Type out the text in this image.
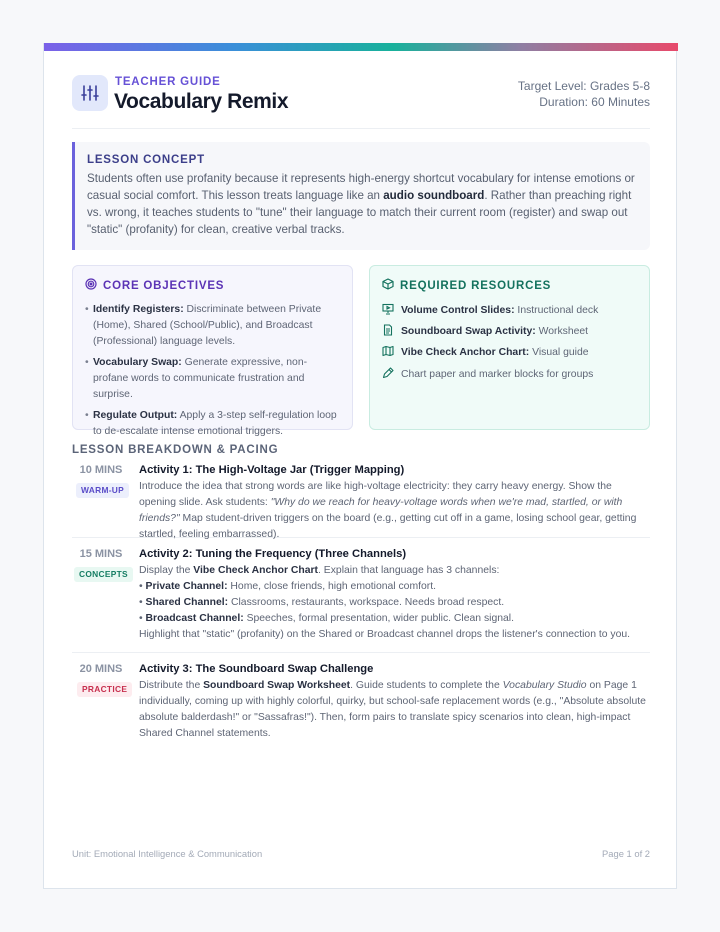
TEACHER GUIDE
Vocabulary Remix
Target Level: Grades 5-8
Duration: 60 Minutes
LESSON CONCEPT

Students often use profanity because it represents high-energy shortcut vocabulary for intense emotions or casual social comfort. This lesson treats language like an audio soundboard. Rather than preaching right vs. wrong, it teaches students to "tune" their language to match their current room (register) and swap out "static" (profanity) for clean, creative verbal tracks.

CORE OBJECTIVES
• Identify Registers: Discriminate between Private (Home), Shared (School/Public), and Broadcast (Professional) language levels.
• Vocabulary Swap: Generate expressive, non-profane words to communicate frustration and surprise.
• Regulate Output: Apply a 3-step self-regulation loop to de-escalate intense emotional triggers.
REQUIRED RESOURCES
Volume Control Slides: Instructional deck
Soundboard Swap Activity: Worksheet
Vibe Check Anchor Chart: Visual guide
Chart paper and marker blocks for groups
LESSON BREAKDOWN & PACING
10 MINS
WARM-UP
Activity 1: The High-Voltage Jar (Trigger Mapping)

Introduce the idea that strong words are like high-voltage electricity: they carry heavy energy. Show the opening slide. Ask students: "Why do we reach for heavy-voltage words when we're mad, startled, or with friends?" Map student-driven triggers on the board (e.g., getting cut off in a game, losing school gear, getting startled, feeling embarrassed).

15 MINS
CONCEPTS
Activity 2: Tuning the Frequency (Three Channels)

Display the Vibe Check Anchor Chart. Explain that language has 3 channels:

• Private Channel: Home, close friends, high emotional comfort.

• Shared Channel: Classrooms, restaurants, workspace. Needs broad respect.

• Broadcast Channel: Speeches, formal presentation, wider public. Clean signal.

Highlight that "static" (profanity) on the Shared or Broadcast channel drops the listener's connection to you.

20 MINS
PRACTICE
Activity 3: The Soundboard Swap Challenge

Distribute the Soundboard Swap Worksheet. Guide students to complete the Vocabulary Studio on Page 1 individually, coming up with highly colorful, quirky, but school-safe replacement words (e.g., "Absolute absolute absolute balderdash!" or "Sassafras!"). Then, form pairs to translate spicy scenarios into clean, high-impact Shared Channel statements.

Unit: Emotional Intelligence & Communication	Page 1 of 2
